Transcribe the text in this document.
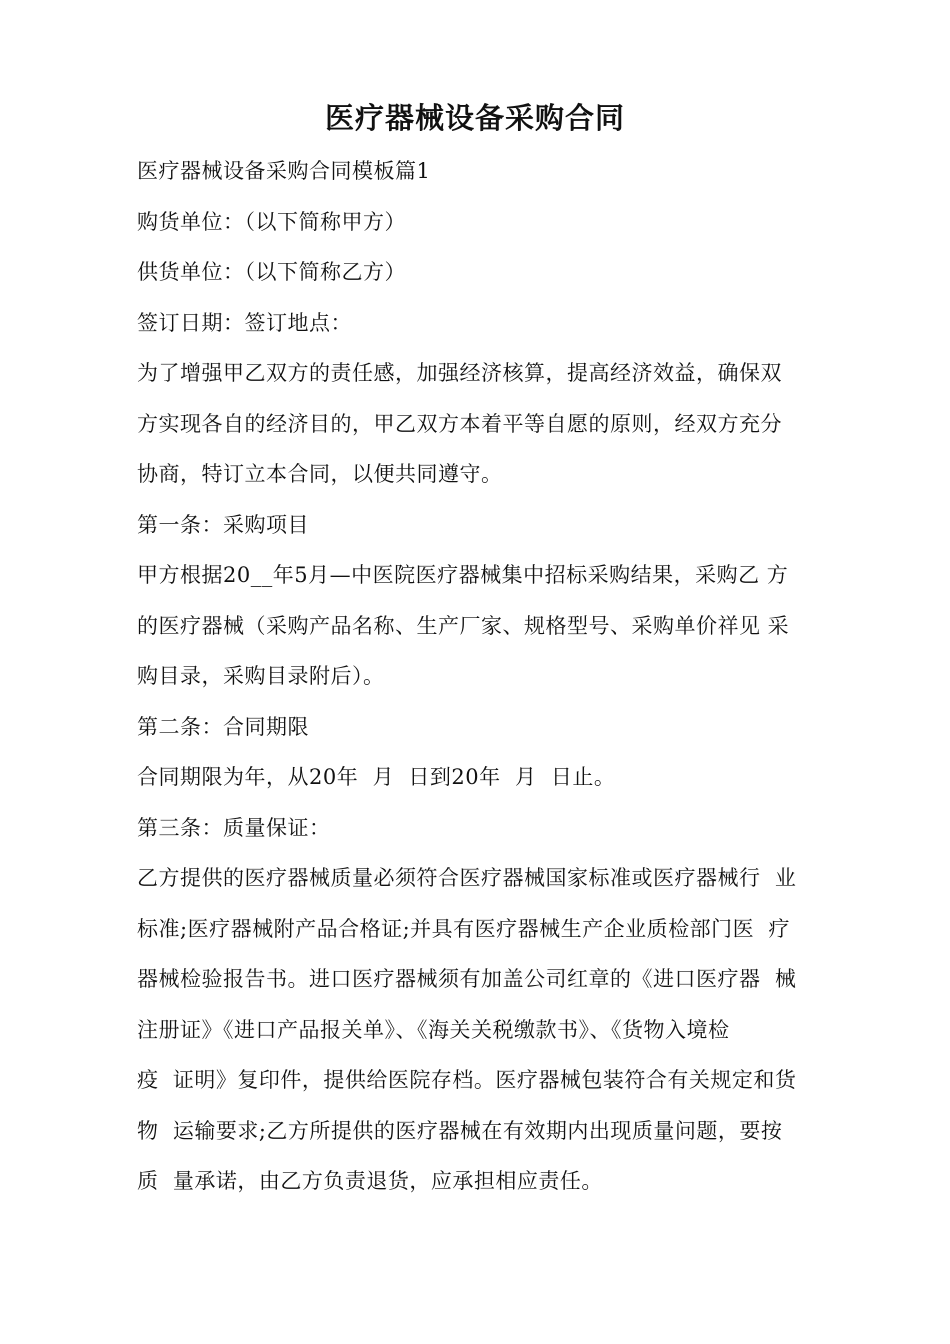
医疗器械设备采购合同

医疗器械设备采购合同模板篇1

购货单位：（以下简称甲方）

供货单位：（以下简称乙方）

签订日期：签订地点：

为了增强甲乙双方的责任感，加强经济核算，提高经济效益，确保双
方实现各自的经济目的，甲乙双方本着平等自愿的原则，经双方充分
协商，特订立本合同，以便共同遵守。

第一条：采购项目

甲方根据20__年5月—中医院医疗器械集中招标采购结果，采购乙 方
的医疗器械（采购产品名称、生产厂家、规格型号、采购单价祥见 采
购目录，采购目录附后）。

第二条：合同期限

合同期限为年，从20年  月  日到20年  月  日止。

第三条：质量保证：

乙方提供的医疗器械质量必须符合医疗器械国家标准或医疗器械行  业
标准;医疗器械附产品合格证;并具有医疗器械生产企业质检部门医  疗
器械检验报告书。进口医疗器械须有加盖公司红章的《进口医疗器  械
注册证》《进口产品报关单》、《海关关税缴款书》、《货物入境检
疫  证明》复印件，提供给医院存档。医疗器械包装符合有关规定和货
物  运输要求;乙方所提供的医疗器械在有效期内出现质量问题，要按
质  量承诺，由乙方负责退货，应承担相应责任。
